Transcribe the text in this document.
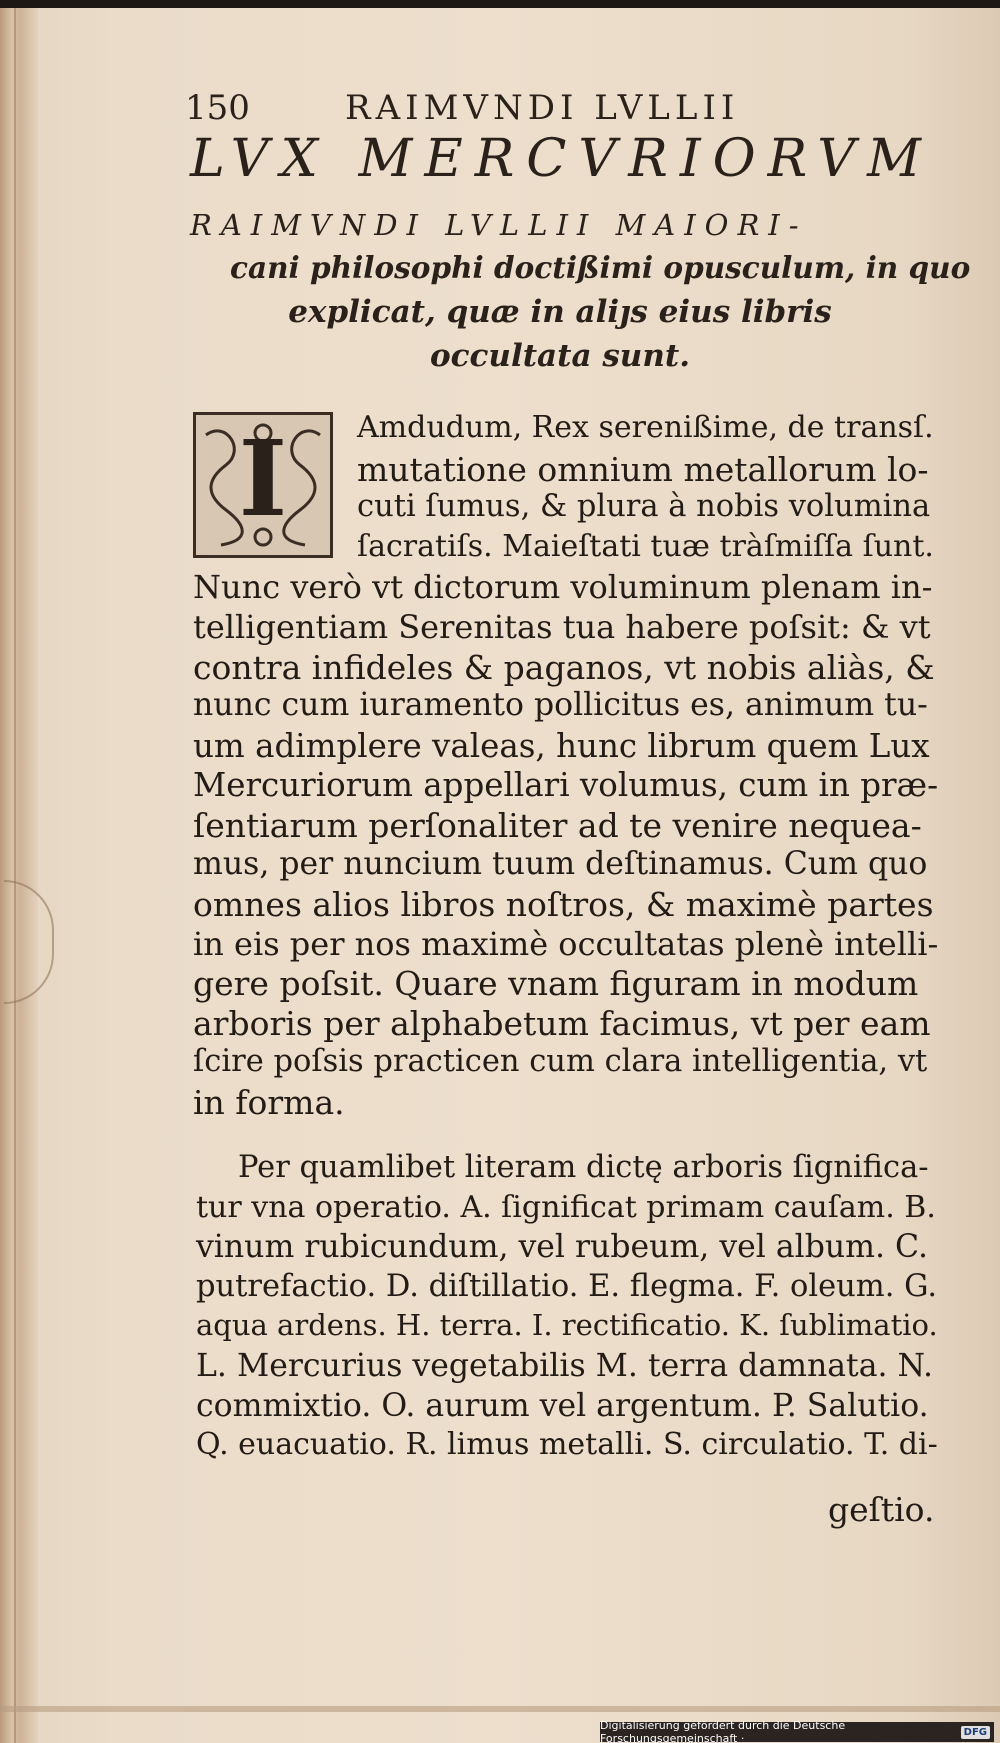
150	RAIMVNDI LVLLII
LVX MERCVRIORVM
RAIMVNDI LVLLII MAIORI-
cani philosophi doctißimi opusculum, in quo
explicat, quæ in aliȷs eius libris
occultata sunt.
I	Amdudum, Rex serenißime, de transſ.
mutatione omnium metallorum lo-
cuti ſumus, & plura à nobis volumina
ſacratiſs. Maieſtati tuæ tràſmiſſa ſunt.
Nunc verò vt dictorum voluminum plenam in-
telligentiam Serenitas tua habere poſsit: & vt
contra infideles & paganos, vt nobis aliàs, &
nunc cum iuramento pollicitus es, animum tu-
um adimplere valeas, hunc librum quem Lux
Mercuriorum appellari volumus, cum in præ-
ſentiarum perſonaliter ad te venire nequea-
mus, per nuncium tuum deſtinamus. Cum quo
omnes alios libros noſtros, & maximè partes
in eis per nos maximè occultatas plenè intelli-
gere poſsit. Quare vnam figuram in modum
arboris per alphabetum facimus, vt per eam
ſcire poſsis practicen cum clara intelligentia, vt
in forma.
Per quamlibet literam dictę arboris ſignifica-
tur vna operatio. A. ſignificat primam cauſam. B.
vinum rubicundum, vel rubeum, vel album. C.
putrefactio. D. diſtillatio. E. flegma. F. oleum. G.
aqua ardens. H. terra. I. rectificatio. K. ſublimatio.
L. Mercurius vegetabilis M. terra damnata. N.
commixtio. O. aurum vel argentum. P. Salutio.
Q. euacuatio. R. limus metalli. S. circulatio. T. di-
geſtio.
Digitalisierung gefördert durch die Deutsche Forschungsgemeinschaft ·	DFG
